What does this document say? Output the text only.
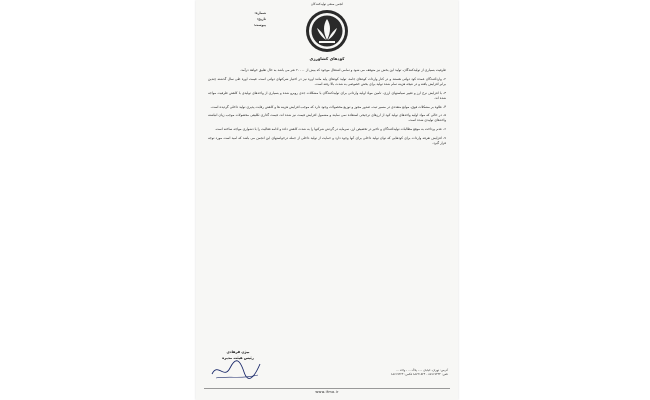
انجمن صنفی تولیدکنندگان
کودهای کشاورزی
شماره:
تاریخ:
پیوست:

ظرفیت بسیاری از تولیدکنندگان، تولید این بخش نیز متوقف می شود و تمامی اشتغال موجود که بیش از ۲۰۰۰۰ نفر می باشد به حال تعلیق خواهد درآمد.

۲- واردکنندگان عمده کود دولتی هستند و در کنار واردات کودهای جامد، تولید کودهای پایه مانند اوره نیز در اختیار شرکتهای دولتی است. قیمت اوره طی سال گذشته چندین برابر افزایش یافته و در نتیجه هزینه تمام شده تولید برای بخش خصوصی به شدت بالا رفته است.

۳- با افزایش نرخ ارز و تغییر سیاستهای ارزی، تامین مواد اولیه وارداتی برای تولیدکنندگان با مشکلات جدی روبرو شده و بسیاری از واحدهای تولیدی با کاهش ظرفیت مواجه شده اند.

۴- علاوه بر مشکلات فوق، موانع متعددی در مسیر ثبت، صدور مجوز و توزیع محصولات وجود دارد که موجب افزایش هزینه ها و کاهش رقابت پذیری تولید داخلی گردیده است.

۵- در حالی که مواد اولیه واحدهای تولید کود از ارزهای ترجیحی استفاده نمی نمایند و مشمول افزایش قیمت نیز شده اند، قیمت گذاری تکلیفی محصولات موجب زیان انباشته واحدهای تولیدی شده است.

۶- عدم پرداخت به موقع مطالبات تولیدکنندگان و تاخیر در تخصیص ارز، سرمایه در گردش شرکتها را به شدت کاهش داده و ادامه فعالیت را با دشواری مواجه ساخته است.

۷- افزایش تعرفه واردات برای کودهایی که توان تولید داخلی برای آنها وجود دارد و حمایت از تولید داخلی از جمله درخواستهای این انجمن می باشد که امید است مورد توجه قرار گیرد.

بیژن فرهادی
رئیس هیئت مدیره
آدرس: تهران، خیابان ... ، پلاک ... ، واحد ...
تلفن: ۸۸۷۱۹۳۳۴ - ۸۸۷۲۱۵۲۴ فکس: ۸۸۷۱۹۲۲۴
www.ifma.ir
